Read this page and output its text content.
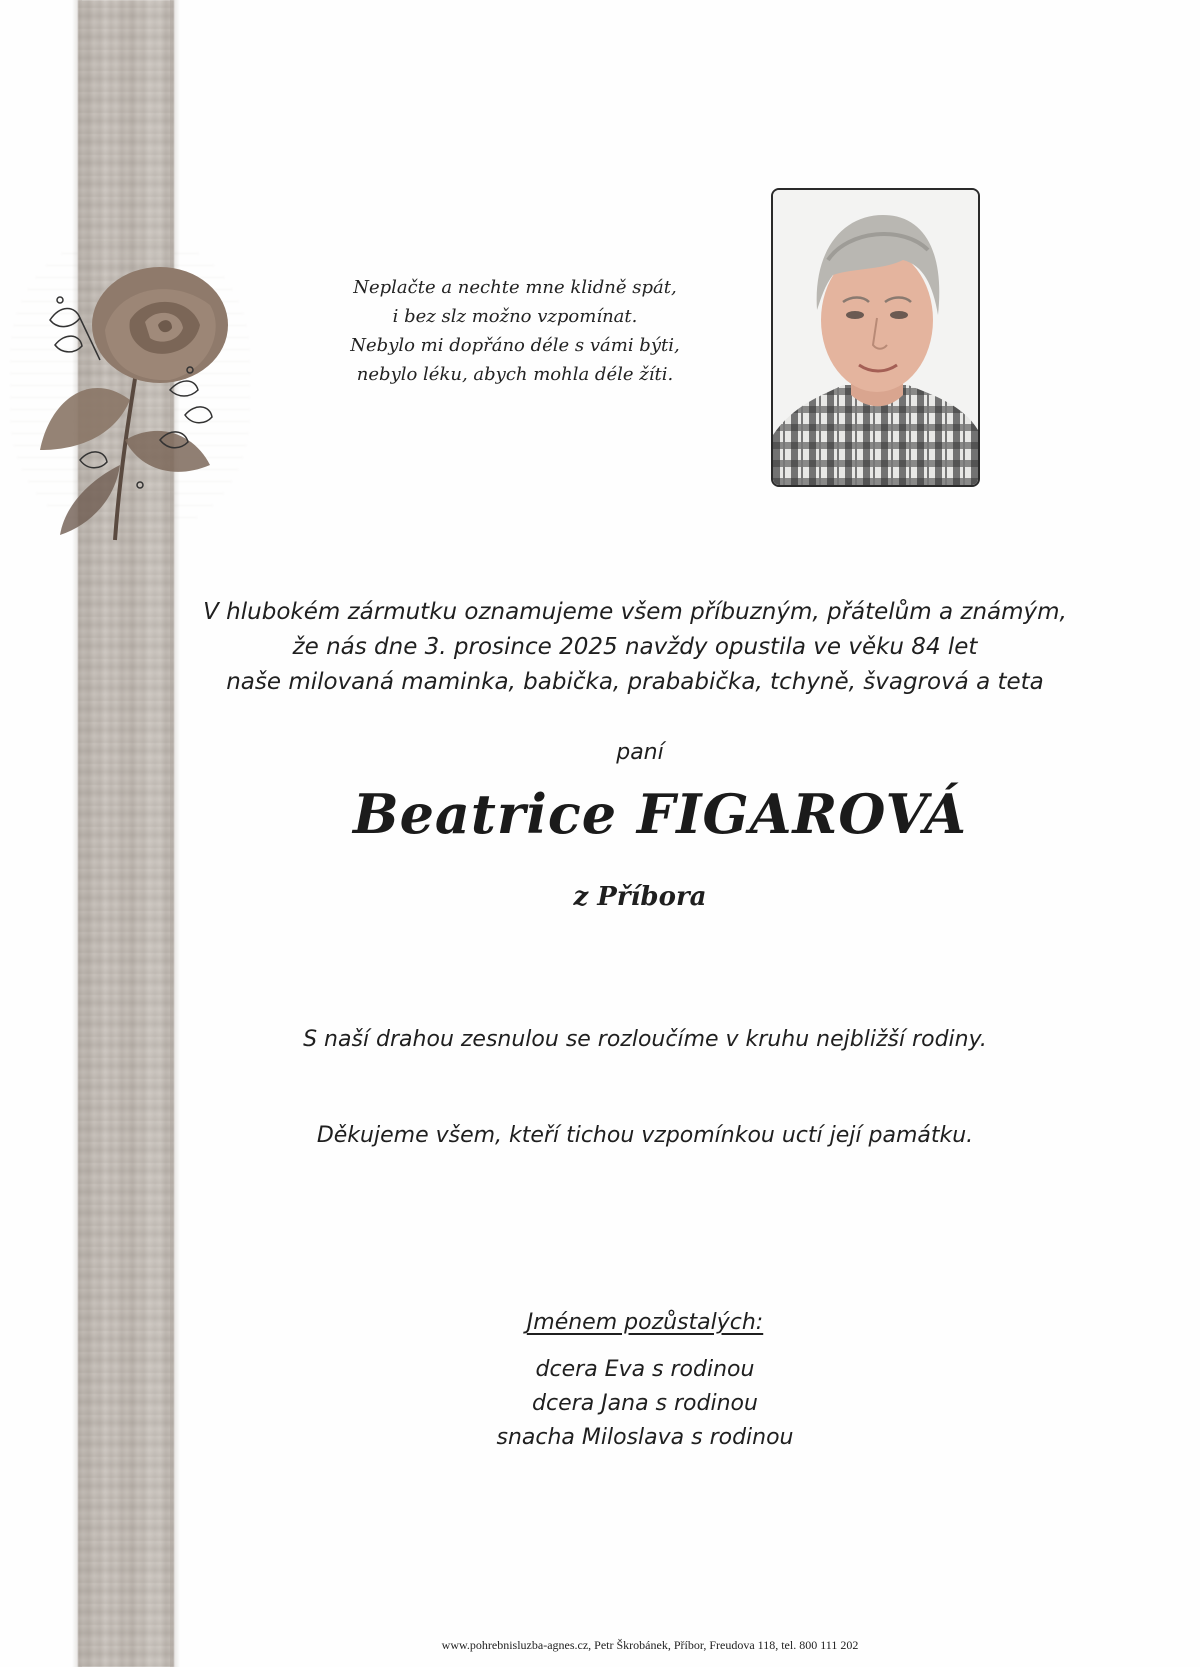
Neplačte a nechte mne klidně spát,
i bez slz možno vzpomínat.
Nebylo mi dopřáno déle s vámi býti,
nebylo léku, abych mohla déle žíti.
V hlubokém zármutku oznamujeme všem příbuzným, přátelům a známým,
že nás dne 3. prosince 2025 navždy opustila ve věku 84 let
naše milovaná maminka, babička, prababička, tchyně, švagrová a teta
paní
Beatrice FIGAROVÁ
z Příbora
S naší drahou zesnulou se rozloučíme v kruhu nejbližší rodiny.
Děkujeme všem, kteří tichou vzpomínkou uctí její památku.
Jménem pozůstalých:
dcera Eva s rodinou
dcera Jana s rodinou
snacha Miloslava s rodinou
www.pohrebnisluzba-agnes.cz, Petr Škrobánek, Příbor, Freudova 118, tel. 800 111 202
